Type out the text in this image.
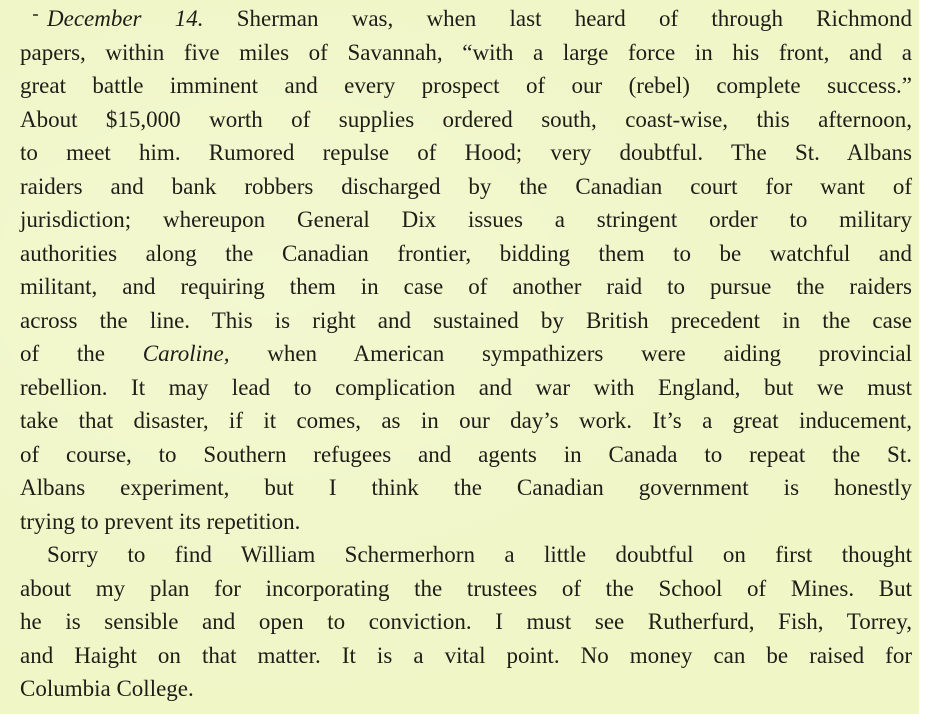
December 14. Sherman was, when last heard of through Richmond
papers, within five miles of Savannah, “with a large force in his front, and a
great battle imminent and every prospect of our (rebel) complete success.”
About $15,000 worth of supplies ordered south, coast-wise, this afternoon,
to meet him. Rumored repulse of Hood; very doubtful. The St. Albans
raiders and bank robbers discharged by the Canadian court for want of
jurisdiction; whereupon General Dix issues a stringent order to military
authorities along the Canadian frontier, bidding them to be watchful and
militant, and requiring them in case of another raid to pursue the raiders
across the line. This is right and sustained by British precedent in the case
of the Caroline, when American sympathizers were aiding provincial
rebellion. It may lead to complication and war with England, but we must
take that disaster, if it comes, as in our day’s work. It’s a great inducement,
of course, to Southern refugees and agents in Canada to repeat the St.
Albans experiment, but I think the Canadian government is honestly
trying to prevent its repetition.
Sorry to find William Schermerhorn a little doubtful on first thought
about my plan for incorporating the trustees of the School of Mines. But
he is sensible and open to conviction. I must see Rutherfurd, Fish, Torrey,
and Haight on that matter. It is a vital point. No money can be raised for
Columbia College.
